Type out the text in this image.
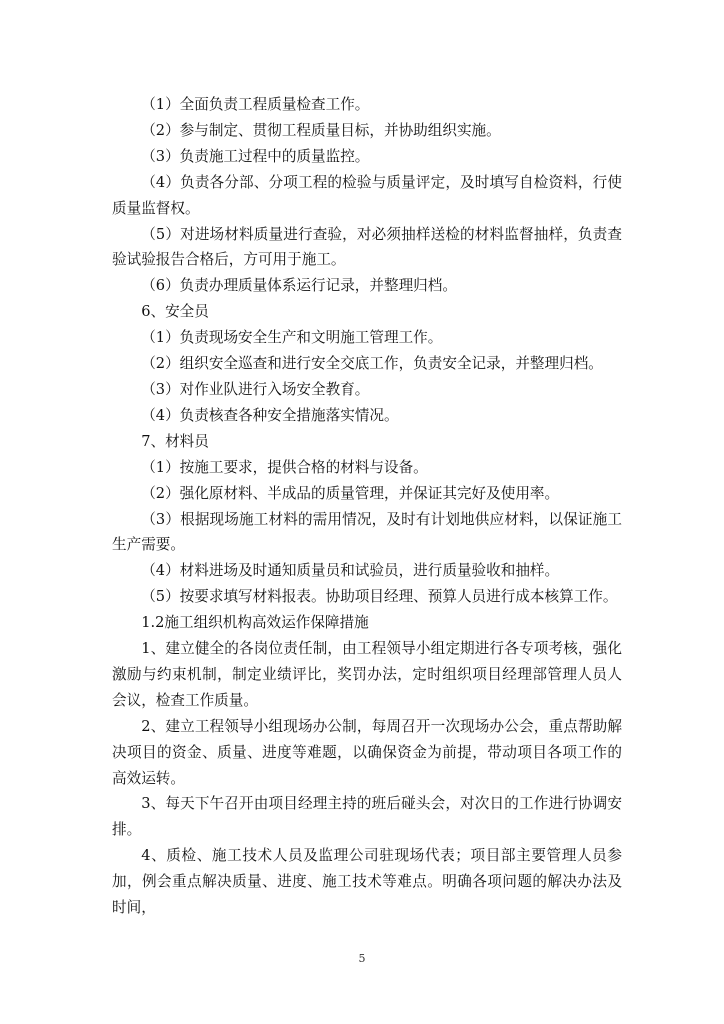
（1）全面负责工程质量检查工作。

（2）参与制定、贯彻工程质量目标，并协助组织实施。

（3）负责施工过程中的质量监控。

（4）负责各分部、分项工程的检验与质量评定，及时填写自检资料，行使质量监督权。

（5）对进场材料质量进行查验，对必须抽样送检的材料监督抽样，负责查验试验报告合格后，方可用于施工。

（6）负责办理质量体系运行记录，并整理归档。

6、安全员

（1）负责现场安全生产和文明施工管理工作。

（2）组织安全巡查和进行安全交底工作，负责安全记录，并整理归档。

（3）对作业队进行入场安全教育。

（4）负责核查各种安全措施落实情况。

7、材料员

（1）按施工要求，提供合格的材料与设备。

（2）强化原材料、半成品的质量管理，并保证其完好及使用率。

（3）根据现场施工材料的需用情况，及时有计划地供应材料，以保证施工生产需要。

（4）材料进场及时通知质量员和试验员，进行质量验收和抽样。

（5）按要求填写材料报表。协助项目经理、预算人员进行成本核算工作。

1.2施工组织机构高效运作保障措施

1、建立健全的各岗位责任制，由工程领导小组定期进行各专项考核，强化激励与约束机制，制定业绩评比，奖罚办法，定时组织项目经理部管理人员人会议，检查工作质量。

2、建立工程领导小组现场办公制，每周召开一次现场办公会，重点帮助解决项目的资金、质量、进度等难题，以确保资金为前提，带动项目各项工作的高效运转。

3、每天下午召开由项目经理主持的班后碰头会，对次日的工作进行协调安排。

4、质检、施工技术人员及监理公司驻现场代表；项目部主要管理人员参加，例会重点解决质量、进度、施工技术等难点。明确各项问题的解决办法及时间，

5
